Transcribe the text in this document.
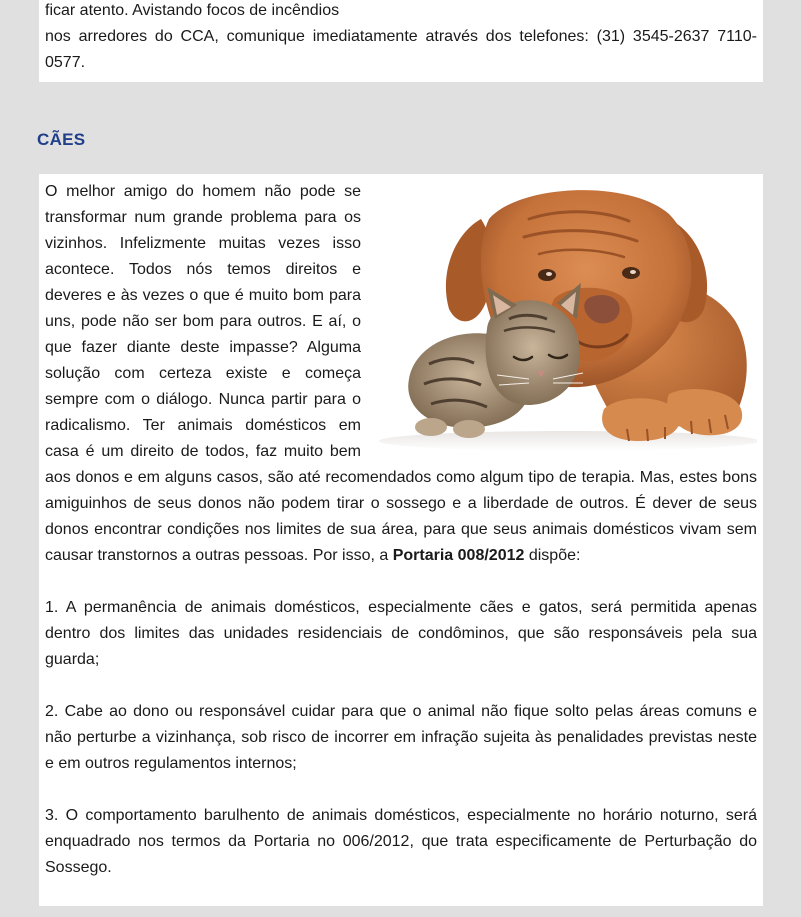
ficar atento. Avistando focos de incêndios
nos arredores do CCA, comunique imediatamente através dos telefones: (31) 3545-2637 7110-0577.

CÃES

O melhor amigo do homem não pode se transformar num grande problema para os vizinhos. Infelizmente muitas vezes isso acontece. Todos nós temos direitos e deveres e às vezes o que é muito bom para uns, pode não ser bom para outros. E aí, o que fazer diante deste impasse? Alguma solução com certeza existe e começa sempre com o diálogo. Nunca partir para o radicalismo. Ter animais domésticos em casa é um direito de todos, faz muito bem aos donos e em alguns casos, são até recomendados como algum tipo de terapia. Mas, estes bons amiguinhos de seus donos não podem tirar o sossego e a liberdade de outros. É dever de seus donos encontrar condições nos limites de sua área, para que seus animais domésticos vivam sem causar transtornos a outras pessoas. Por isso, a Portaria 008/2012 dispõe:

1. A permanência de animais domésticos, especialmente cães e gatos, será permitida apenas dentro dos limites das unidades residenciais de condôminos, que são responsáveis pela sua guarda;

2. Cabe ao dono ou responsável cuidar para que o animal não fique solto pelas áreas comuns e não perturbe a vizinhança, sob risco de incorrer em infração sujeita às penalidades previstas neste e em outros regulamentos internos;

3. O comportamento barulhento de animais domésticos, especialmente no horário noturno, será enquadrado nos termos da Portaria no 006/2012, que trata especificamente de Perturbação do Sossego.
